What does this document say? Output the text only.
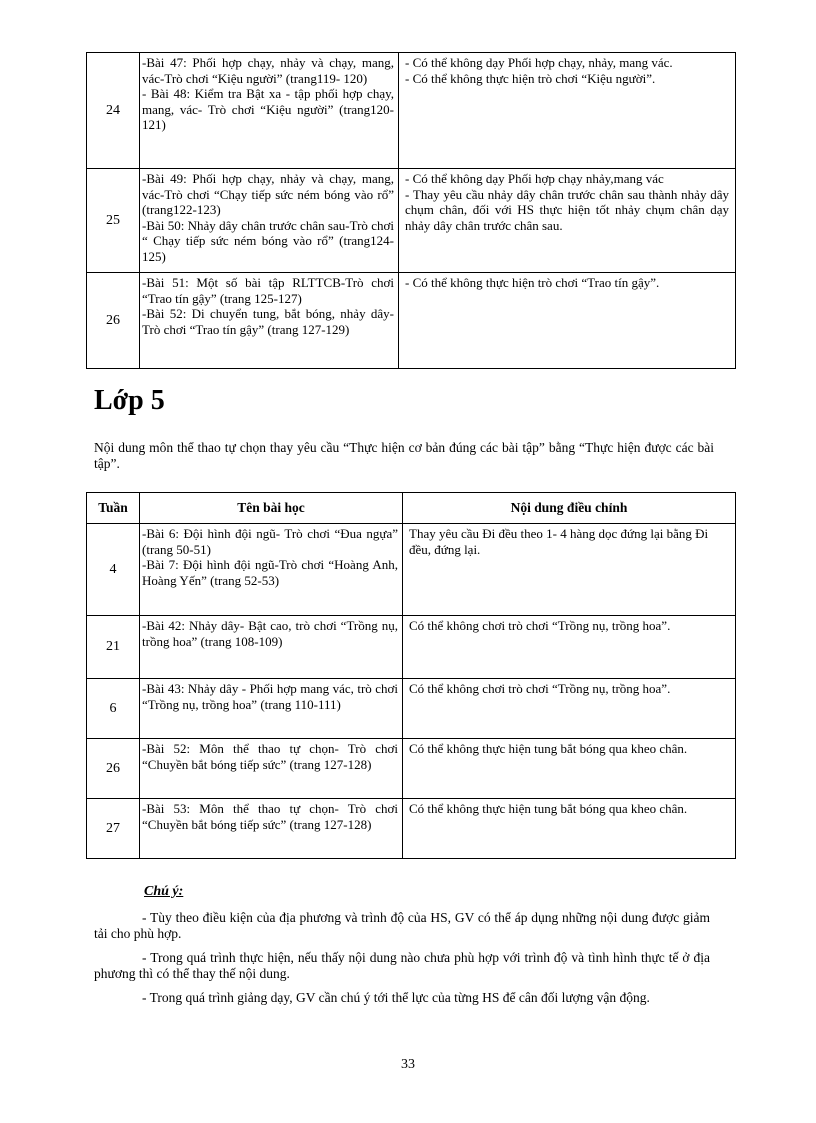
24	-Bài 47: Phối hợp chạy, nhảy và chạy, mang, vác-Trò chơi “Kiệu người” (trang119- 120)
- Bài 48: Kiểm tra Bật xa - tập phối hợp chạy, mang, vác- Trò chơi “Kiệu người” (trang120- 121)	- Có thể không dạy Phối hợp chạy, nhảy, mang vác.
- Có thể không thực hiện trò chơi “Kiệu người”.

25	-Bài 49: Phối hợp chạy, nhảy và chạy, mang, vác-Trò chơi “Chạy tiếp sức ném bóng vào rổ” (trang122-123)
-Bài 50: Nhảy dây chân trước chân sau-Trò chơi “ Chạy tiếp sức ném bóng vào rổ” (trang124-125)	- Có thể không dạy Phối hợp chạy nhảy,mang vác
- Thay yêu cầu nhảy dây chân trước chân sau thành nhảy dây chụm chân, đối với HS thực hiện tốt nhảy chụm chân dạy nhảy dây chân trước chân sau.

26	-Bài 51: Một số bài tập RLTTCB-Trò chơi “Trao tín gậy” (trang 125-127)
-Bài 52: Di chuyển tung, bắt bóng, nhảy dây- Trò chơi “Trao tín gậy” (trang 127-129)	- Có thể không thực hiện trò chơi “Trao tín gậy”.
Lớp 5

Nội dung môn thể thao tự chọn thay yêu cầu “Thực hiện cơ bản đúng các bài tập” bằng “Thực hiện được các bài tập”.

Tuần	Tên bài học	Nội dung điều chỉnh
4	-Bài 6: Đội hình đội ngũ- Trò chơi “Đua ngựa” (trang 50-51)
-Bài 7: Đội hình đội ngũ-Trò chơi “Hoàng Anh, Hoàng Yến” (trang 52-53)	Thay yêu cầu Đi đều theo 1- 4 hàng dọc đứng lại bằng Đi đều, đứng lại.

21	-Bài 42: Nhảy dây- Bật cao, trò chơi “Trồng nụ, trồng hoa” (trang 108-109)	Có thể không chơi trò chơi “Trồng nụ, trồng hoa”.

6	-Bài 43: Nhảy dây - Phối hợp mang vác, trò chơi “Trồng nụ, trồng hoa” (trang 110-111)	Có thể không chơi trò chơi “Trồng nụ, trồng hoa”.

26	-Bài 52: Môn thể thao tự chọn- Trò chơi “Chuyền bắt bóng tiếp sức” (trang 127-128)	Có thể không thực hiện tung bắt bóng qua kheo chân.

27	-Bài 53: Môn thể thao tự chọn- Trò chơi “Chuyền bắt bóng tiếp sức” (trang 127-128)	Có thể không thực hiện tung bắt bóng qua kheo chân.

Chú ý:

- Tùy theo điều kiện của địa phương và trình độ của HS, GV có thể áp dụng những nội dung được giảm tải cho phù hợp.

- Trong quá trình thực hiện, nếu thấy nội dung nào chưa phù hợp với trình độ và tình hình thực tế ở địa phương thì có thể thay thế nội dung.

- Trong quá trình giảng dạy, GV cần chú ý tới thể lực của từng HS để cân đối lượng vận động.

33
